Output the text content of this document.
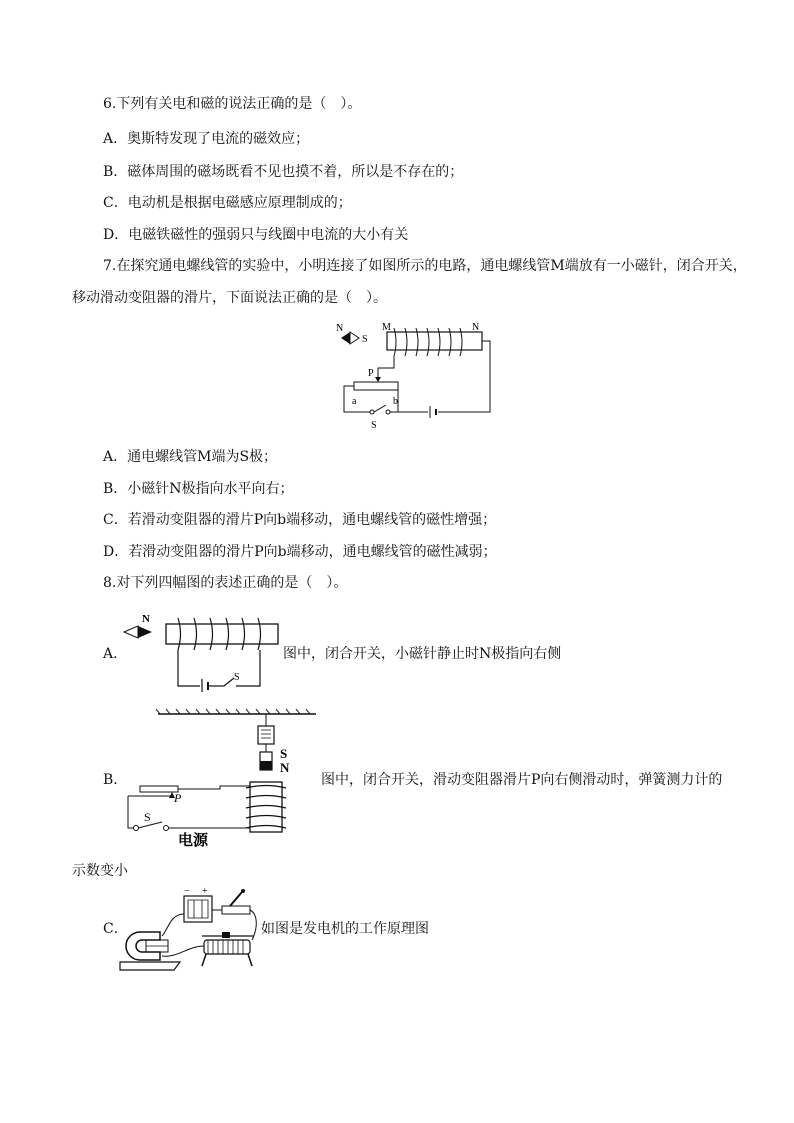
6.下列有关电和磁的说法正确的是（　）。
A．奥斯特发现了电流的磁效应；
B．磁体周围的磁场既看不见也摸不着，所以是不存在的；
C．电动机是根据电磁感应原理制成的；
D．电磁铁磁性的强弱只与线圈中电流的大小有关
7.在探究通电螺线管的实验中，小明连接了如图所示的电路，通电螺线管M端放有一小磁针，闭合开关，
移动滑动变阻器的滑片，下面说法正确的是（　）。
N
S
M	N
P
a	b
S
A．通电螺线管M端为S极；
B．小磁针N极指向水平向右；
C．若滑动变阻器的滑片P向b端移动，通电螺线管的磁性增强；
D．若滑动变阻器的滑片P向b端移动，通电螺线管的磁性减弱；
8.对下列四幅图的表述正确的是（　）。
A．
N
S
图中，闭合开关，小磁针静止时N极指向右侧
B．
S
N
P
S
电源
图中，闭合开关，滑动变阻器滑片P向右侧滑动时，弹簧测力计的
示数变小
C．
− +
如图是发电机的工作原理图
